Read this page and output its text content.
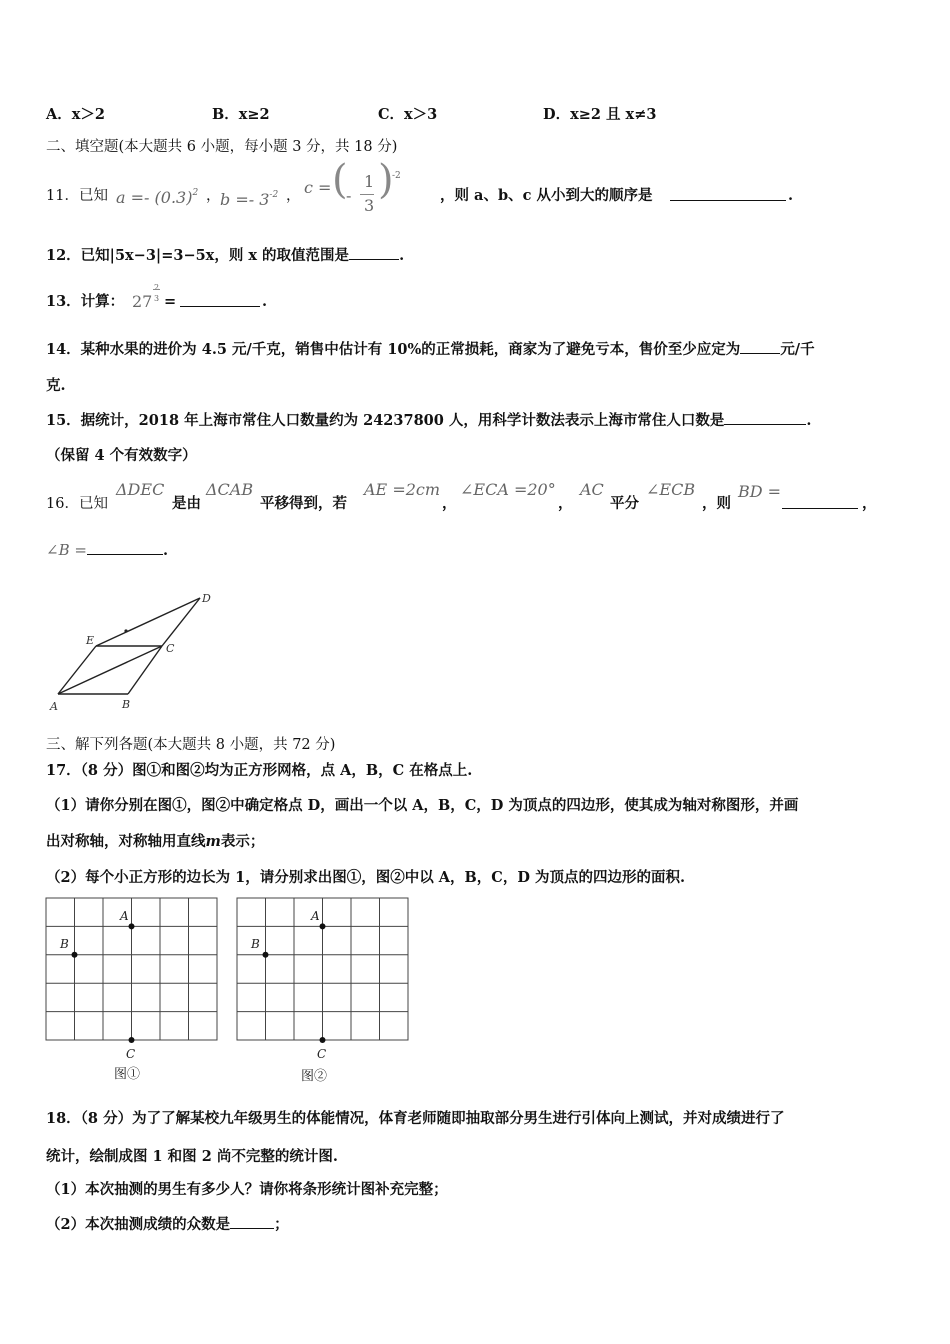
A．x＞2	B．x≥2	C．x＞3	D．x≥2 且 x≠3
二、填空题(本大题共 6 小题，每小题 3 分，共 18 分)
11．已知 $a =- (0.3)^2$ ， $b =- 3^{-2}$ ， c = (
-
1
3
)
-2
，则 a、b、c 从小到大的顺序是	.
12．已知|5x−3|=3−5x，则 x 的取值范围是	.
13．计算： 27
2
3 =	.
14．某种水果的进价为 4.5 元/千克，销售中估计有 10%的正常损耗，商家为了避免亏本，售价至少应定为	元/千
克.
15．据统计，2018 年上海市常住人口数量约为 24237800 人，用科学计数法表示上海市常住人口数是	.
（保留 4 个有效数字）
16．已知
ΔDEC
是由
ΔCAB
平移得到，若
AE =2cm
，
∠ECA =20°
，
AC
平分
∠ECB
，则
BD =
，
∠B =	.
A	B
C
D
E
三、解下列各题(本大题共 8 小题，共 72 分)
17．（8 分）图①和图②均为正方形网格，点 A，B，C 在格点上.
（1）请你分别在图①，图②中确定格点 D，画出一个以 A，B，C，D 为顶点的四边形，使其成为轴对称图形，并画
出对称轴，对称轴用直线m表示；
（2）每个小正方形的边长为 1，请分别求出图①，图②中以 A，B，C，D 为顶点的四边形的面积.
A
B
C
图①
A
B
C
图②
18．（8 分）为了了解某校九年级男生的体能情况，体育老师随即抽取部分男生进行引体向上测试，并对成绩进行了
统计，绘制成图 1 和图 2 尚不完整的统计图.
（1）本次抽测的男生有多少人？请你将条形统计图补充完整；
（2）本次抽测成绩的众数是	；
